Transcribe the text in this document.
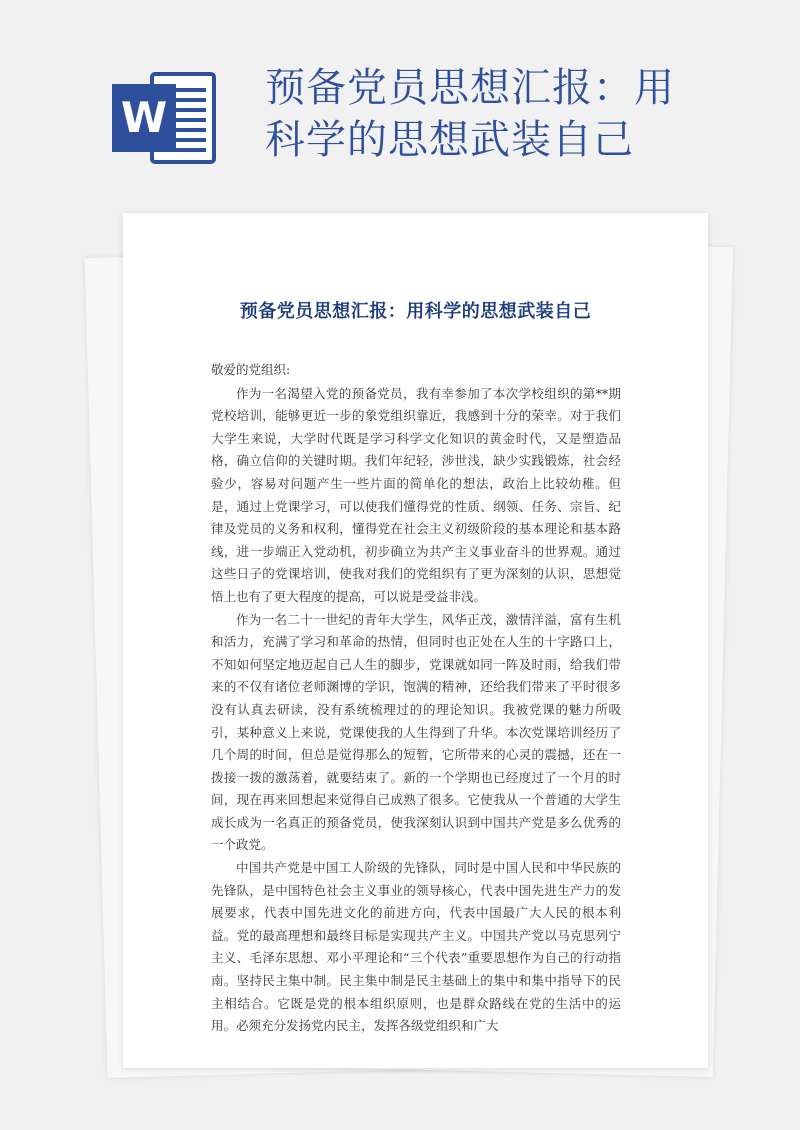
W
预备党员思想汇报：用科学的思想武装自己
预备党员思想汇报：用科学的思想武装自己

敬爱的党组织:

作为一名渴望入党的预备党员，我有幸参加了本次学校组织的第**期党校培训，能够更近一步的象党组织靠近，我感到十分的荣幸。对于我们大学生来说，大学时代既是学习科学文化知识的黄金时代，又是塑造品格，确立信仰的关键时期。我们年纪轻，涉世浅，缺少实践锻炼，社会经验少，容易对问题产生一些片面的简单化的想法，政治上比较幼稚。但是，通过上党课学习，可以使我们懂得党的性质、纲领、任务、宗旨、纪律及党员的义务和权利，懂得党在社会主义初级阶段的基本理论和基本路线，进一步端正入党动机，初步确立为共产主义事业奋斗的世界观。通过这些日子的党课培训，使我对我们的党组织有了更为深刻的认识，思想觉悟上也有了更大程度的提高，可以说是受益非浅。

作为一名二十一世纪的青年大学生，风华正茂，激情洋溢，富有生机和活力，充满了学习和革命的热情，但同时也正处在人生的十字路口上，不知如何坚定地迈起自己人生的脚步，党课就如同一阵及时雨，给我们带来的不仅有诸位老师渊博的学识，饱满的精神，还给我们带来了平时很多没有认真去研读，没有系统梳理过的的理论知识。我被党课的魅力所吸引，某种意义上来说，党课使我的人生得到了升华。本次党课培训经历了几个周的时间，但总是觉得那么的短暂，它所带来的心灵的震撼，还在一拨接一拨的激荡着，就要结束了。新的一个学期也已经度过了一个月的时间，现在再来回想起来觉得自己成熟了很多。它使我从一个普通的大学生成长成为一名真正的预备党员，使我深刻认识到中国共产党是多么优秀的一个政党。

中国共产党是中国工人阶级的先锋队，同时是中国人民和中华民族的先锋队，是中国特色社会主义事业的领导核心，代表中国先进生产力的发展要求，代表中国先进文化的前进方向，代表中国最广大人民的根本利益。党的最高理想和最终目标是实现共产主义。中国共产党以马克思列宁主义、毛泽东思想、邓小平理论和“三个代表”重要思想作为自己的行动指南。坚持民主集中制。民主集中制是民主基础上的集中和集中指导下的民主相结合。它既是党的根本组织原则，也是群众路线在党的生活中的运用。必须充分发扬党内民主，发挥各级党组织和广大
